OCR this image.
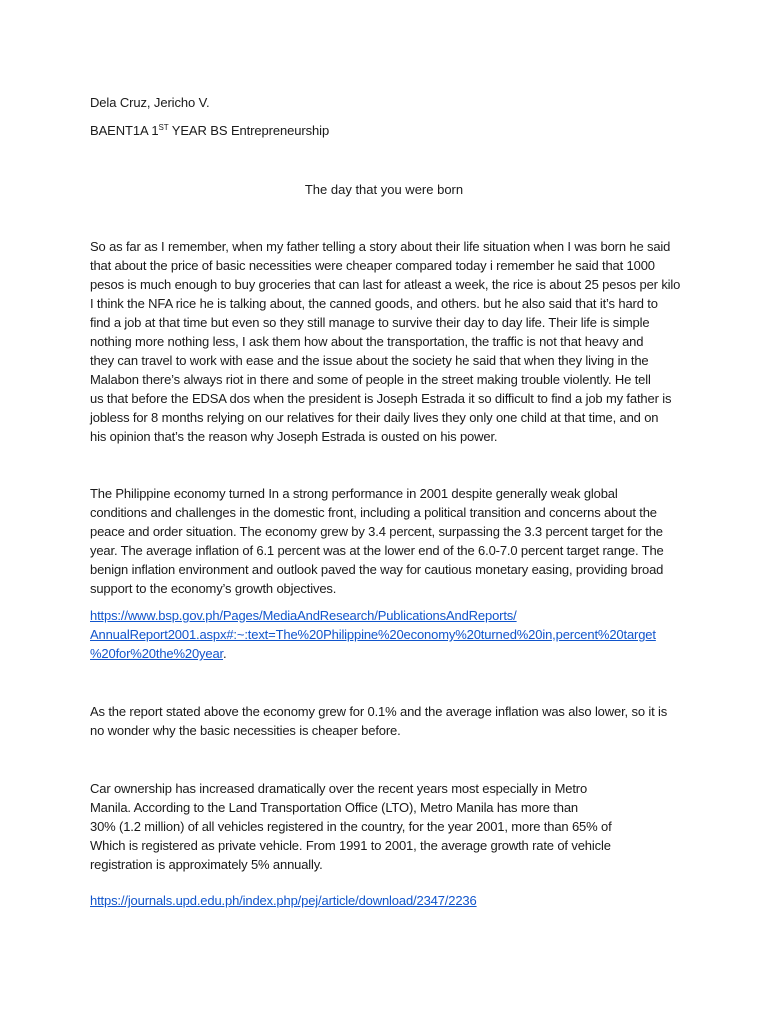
Dela Cruz, Jericho V.
BAENT1A 1ST YEAR BS Entrepreneurship
The day that you were born
So as far as I remember, when my father telling a story about their life situation when I was born he said
that about the price of basic necessities were cheaper compared today i remember he said that 1000
pesos is much enough to buy groceries that can last for atleast a week, the rice is about 25 pesos per kilo
I think the NFA rice he is talking about, the canned goods, and others. but he also said that it’s hard to
find a job at that time but even so they still manage to survive their day to day life. Their life is simple
nothing more nothing less, I ask them how about the transportation, the traffic is not that heavy and
they can travel to work with ease and the issue about the society he said that when they living in the
Malabon there’s always riot in there and some of people in the street making trouble violently. He tell
us that before the EDSA dos when the president is Joseph Estrada it so difficult to find a job my father is
jobless for 8 months relying on our relatives for their daily lives they only one child at that time, and on
his opinion that’s the reason why Joseph Estrada is ousted on his power.
The Philippine economy turned In a strong performance in 2001 despite generally weak global
conditions and challenges in the domestic front, including a political transition and concerns about the
peace and order situation. The economy grew by 3.4 percent, surpassing the 3.3 percent target for the
year. The average inflation of 6.1 percent was at the lower end of the 6.0-7.0 percent target range. The
benign inflation environment and outlook paved the way for cautious monetary easing, providing broad
support to the economy’s growth objectives.
https://www.bsp.gov.ph/Pages/MediaAndResearch/PublicationsAndReports/
AnnualReport2001.aspx#:~:text=The%20Philippine%20economy%20turned%20in,percent%20target
%20for%20the%20year.
As the report stated above the economy grew for 0.1% and the average inflation was also lower, so it is
no wonder why the basic necessities is cheaper before.
Car ownership has increased dramatically over the recent years most especially in Metro
Manila. According to the Land Transportation Office (LTO), Metro Manila has more than
30% (1.2 million) of all vehicles registered in the country, for the year 2001, more than 65% of
Which is registered as private vehicle. From 1991 to 2001, the average growth rate of vehicle
registration is approximately 5% annually.
https://journals.upd.edu.ph/index.php/pej/article/download/2347/2236
